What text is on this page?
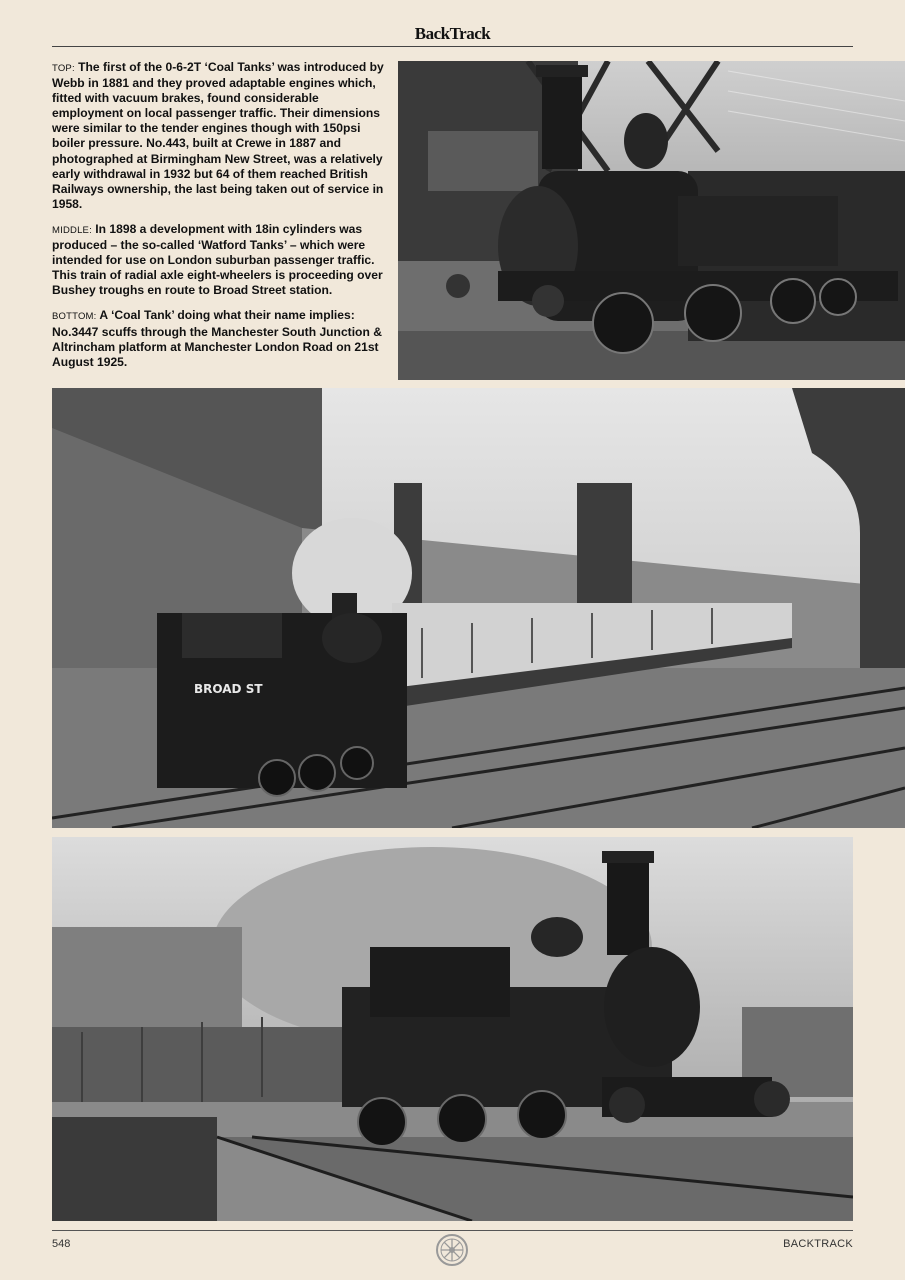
BackTrack

TOP: The first of the 0-6-2T ‘Coal Tanks’ was introduced by Webb in 1881 and they proved adaptable engines which, fitted with vacuum brakes, found considerable employment on local passenger traffic. Their dimensions were similar to the tender engines though with 150psi boiler pressure. No.443, built at Crewe in 1887 and photographed at Birmingham New Street, was a relatively early withdrawal in 1932 but 64 of them reached British Railways ownership, the last being taken out of service in 1958.

MIDDLE: In 1898 a development with 18in cylinders was produced – the so-called ‘Watford Tanks’ – which were intended for use on London suburban passenger traffic. This train of radial axle eight-wheelers is proceeding over Bushey troughs en route to Broad Street station.

BOTTOM: A ‘Coal Tank’ doing what their name implies: No.3447 scuffs through the Manchester South Junction & Altrincham platform at Manchester London Road on 21st August 1925.

BROAD ST
548	BACKTRACK
